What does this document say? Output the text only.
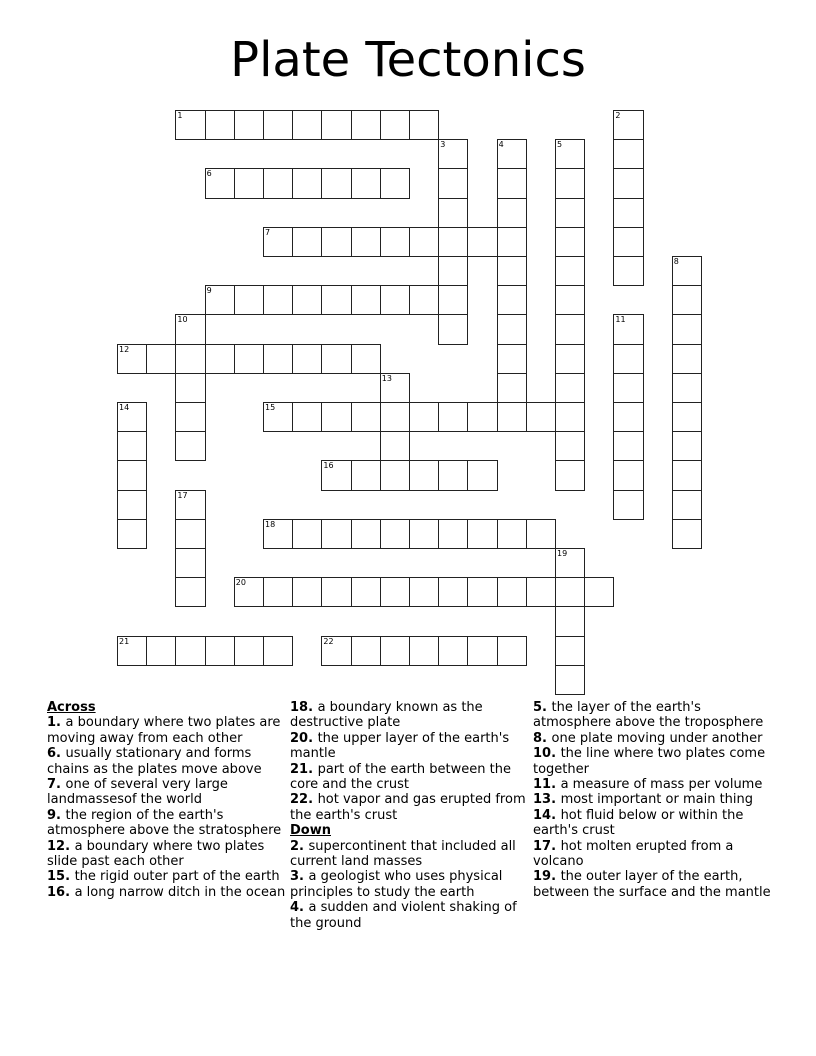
Plate Tectonics
1
6
7
9
12
15
16
18
20
21	22
2
3	4	5
8
10	11
13
14
17
19
Across
1. a boundary where two plates are moving away from each other
6. usually stationary and forms chains as the plates move above
7. one of several very large landmassesof the world
9. the region of the earth's atmosphere above the stratosphere
12. a boundary where two plates slide past each other
15. the rigid outer part of the earth
16. a long narrow ditch in the ocean
18. a boundary known as the destructive plate
20. the upper layer of the earth's mantle
21. part of the earth between the core and the crust
22. hot vapor and gas erupted from the earth's crust
Down
2. supercontinent that included all current land masses
3. a geologist who uses physical principles to study the earth
4. a sudden and violent shaking of the ground
5. the layer of the earth's atmosphere above the troposphere
8. one plate moving under another
10. the line where two plates come together
11. a measure of mass per volume
13. most important or main thing
14. hot fluid below or within the earth's crust
17. hot molten erupted from a volcano
19. the outer layer of the earth, between the surface and the mantle
